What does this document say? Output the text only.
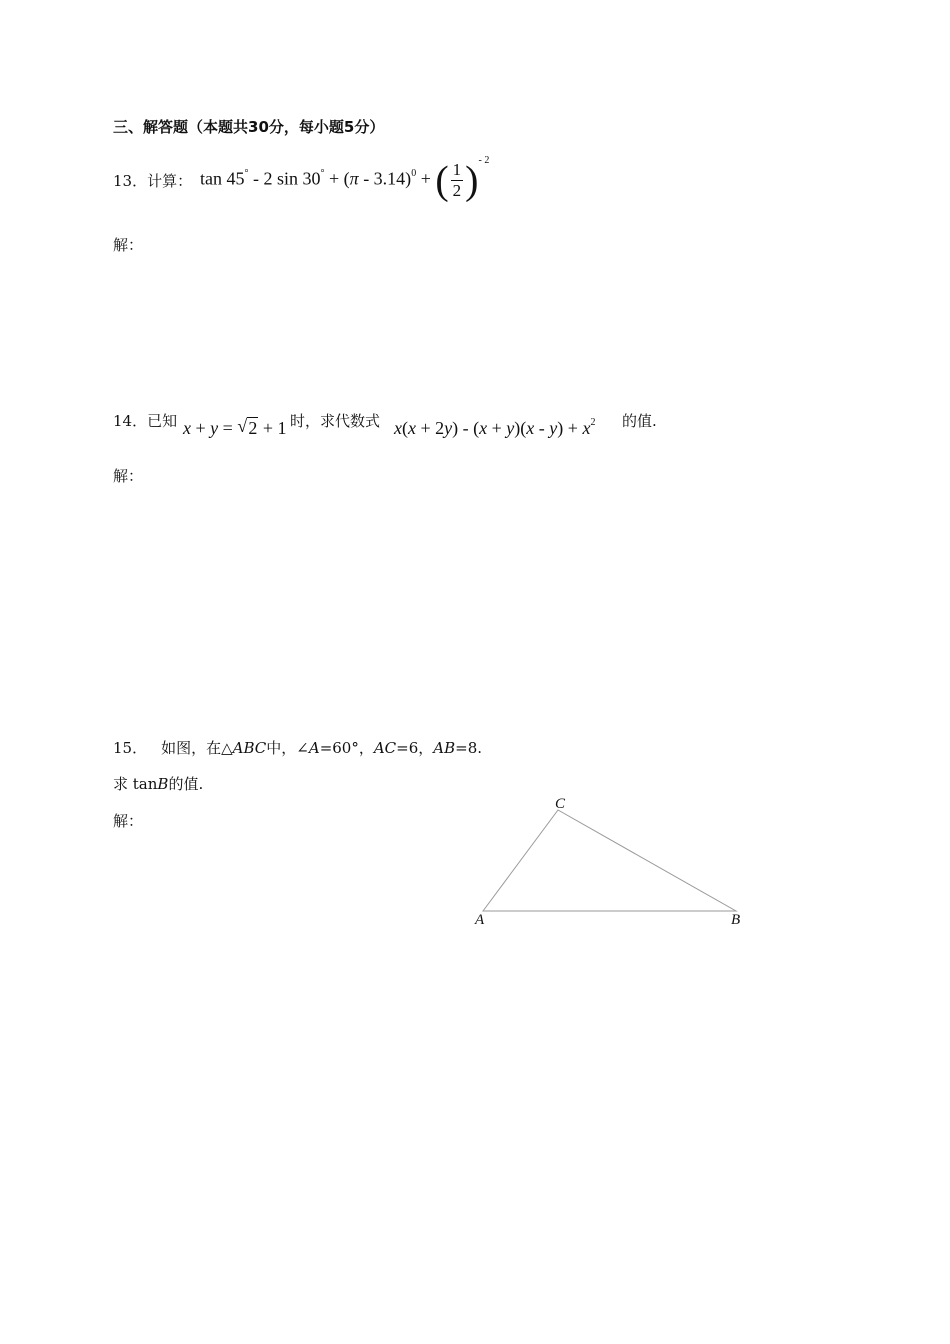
三、解答题（本题共30分，每小题5分）
13．计算： tan 45° - 2 sin 30° + (π - 3.14)$^0$ + ( $\frac{1}{2} )^{- 2}$
解：
14．已知 x + y = √ 2 + 1 时，求代数式 $x(x + 2y) - (x + y)(x - y) + x^2$ 的值.
解：
15． 如图，在△ABC中，∠A=60°，AC=6，AB=8.
求 tanB的值.
解：
C
A	B
